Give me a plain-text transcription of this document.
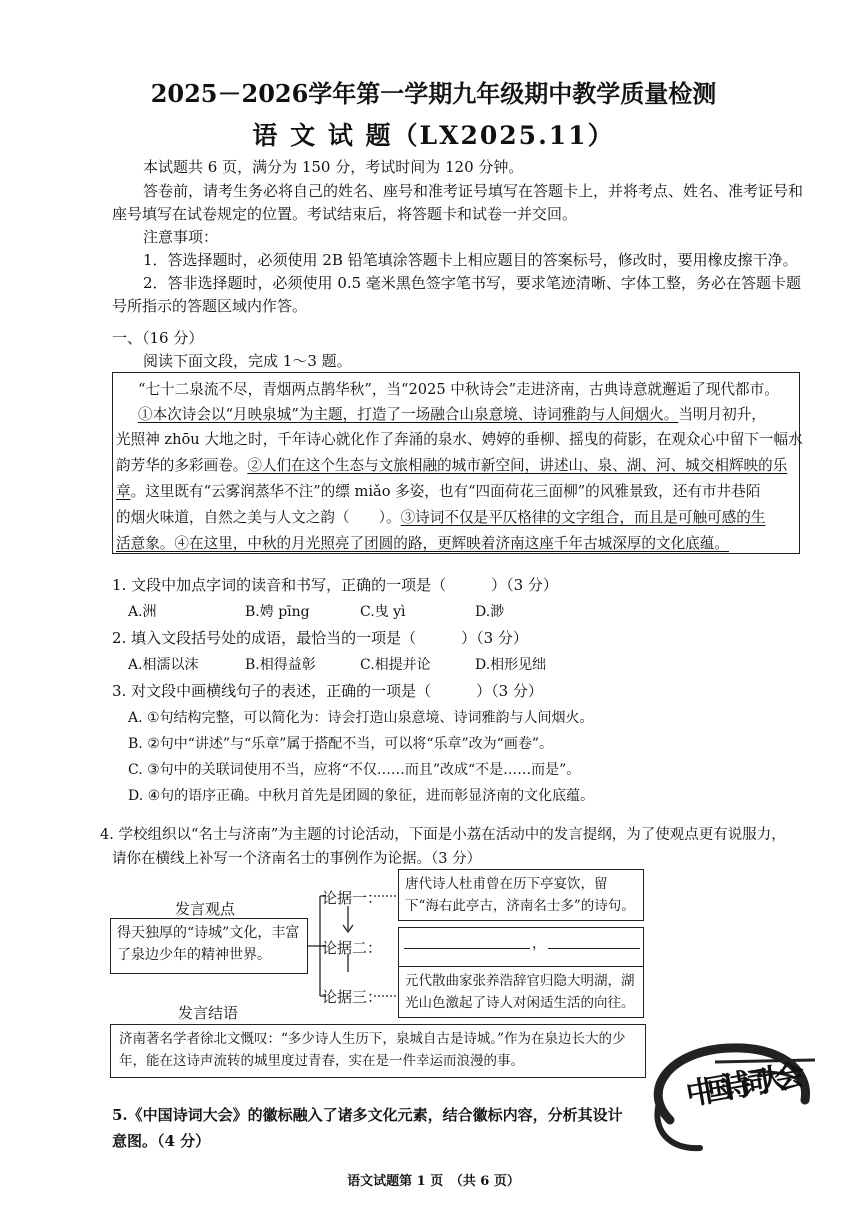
2025－2026学年第一学期九年级期中教学质量检测
语 文 试 题（LX2025.11）
本试题共 6 页，满分为 150 分，考试时间为 120 分钟。
答卷前，请考生务必将自己的姓名、座号和准考证号填写在答题卡上，并将考点、姓名、准考证号和
座号填写在试卷规定的位置。考试结束后，将答题卡和试卷一并交回。
注意事项：
1．答选择题时，必须使用 2B 铅笔填涂答题卡上相应题目的答案标号，修改时，要用橡皮擦干净。
2．答非选择题时，必须使用 0.5 毫米黑色签字笔书写，要求笔迹清晰、字体工整，务必在答题卡题
号所指示的答题区域内作答。
一、（16 分）
阅读下面文段，完成 1～3 题。
“七十二泉流不尽，青烟两点鹊华秋”，当“2025 中秋诗会”走进济南，古典诗意就邂逅了现代都市。
①本次诗会以“月映泉城”为主题，打造了一场融合山泉意境、诗词雅韵与人间烟火。当明月初升，
光照神 zhōu 大地之时，千年诗心就化作了奔涌的泉水、娉婷的垂柳、摇曳的荷影，在观众心中留下一幅水
韵芳华的多彩画卷。②人们在这个生态与文旅相融的城市新空间，讲述山、泉、湖、河、城交相辉映的乐
章。这里既有“云雾润蒸华不注”的缥 miǎo 多姿，也有“四面荷花三面柳”的风雅景致，还有市井巷陌
的烟火味道，自然之美与人文之韵（　　）。③诗词不仅是平仄格律的文字组合，而且是可触可感的生
活意象。④在这里，中秋的月光照亮了团圆的路，更辉映着济南这座千年古城深厚的文化底蕴。
1. 文段中加点字词的读音和书写，正确的一项是（　　　）（3 分）
A.洲	B.娉 pīng	C.曳 yì	D.渺
2. 填入文段括号处的成语，最恰当的一项是（　　　）（3 分）
A.相濡以沫	B.相得益彰	C.相提并论	D.相形见绌
3. 对文段中画横线句子的表述，正确的一项是（　　　）（3 分）
A. ①句结构完整，可以简化为：诗会打造山泉意境、诗词雅韵与人间烟火。
B. ②句中“讲述”与“乐章”属于搭配不当，可以将“乐章”改为“画卷”。
C. ③句中的关联词使用不当，应将“不仅……而且”改成“不是……而是”。
D. ④句的语序正确。中秋月首先是团圆的象征，进而彰显济南的文化底蕴。
4. 学校组织以“名士与济南”为主题的讨论活动，下面是小荔在活动中的发言提纲，为了使观点更有说服力，
请你在横线上补写一个济南名士的事例作为论据。（3 分）
发言观点
得天独厚的“诗城”文化，丰富了泉边少年的精神世界。
论据一：
唐代诗人杜甫曾在历下亭宴饮，留下“海右此亭古，济南名士多”的诗句。
论据二：	，
论据三：
元代散曲家张养浩辞官归隐大明湖，湖光山色激起了诗人对闲适生活的向往。
发言结语
济南著名学者徐北文慨叹：“多少诗人生历下，泉城自古是诗城。”作为在泉边长大的少年，能在这诗声流转的城里度过青春，实在是一件幸运而浪漫的事。
5.《中国诗词大会》的徽标融入了诸多文化元素，结合徽标内容，分析其设计
意图。（4 分）
中国诗词大会
语文试题第 1 页　（共 6 页）
